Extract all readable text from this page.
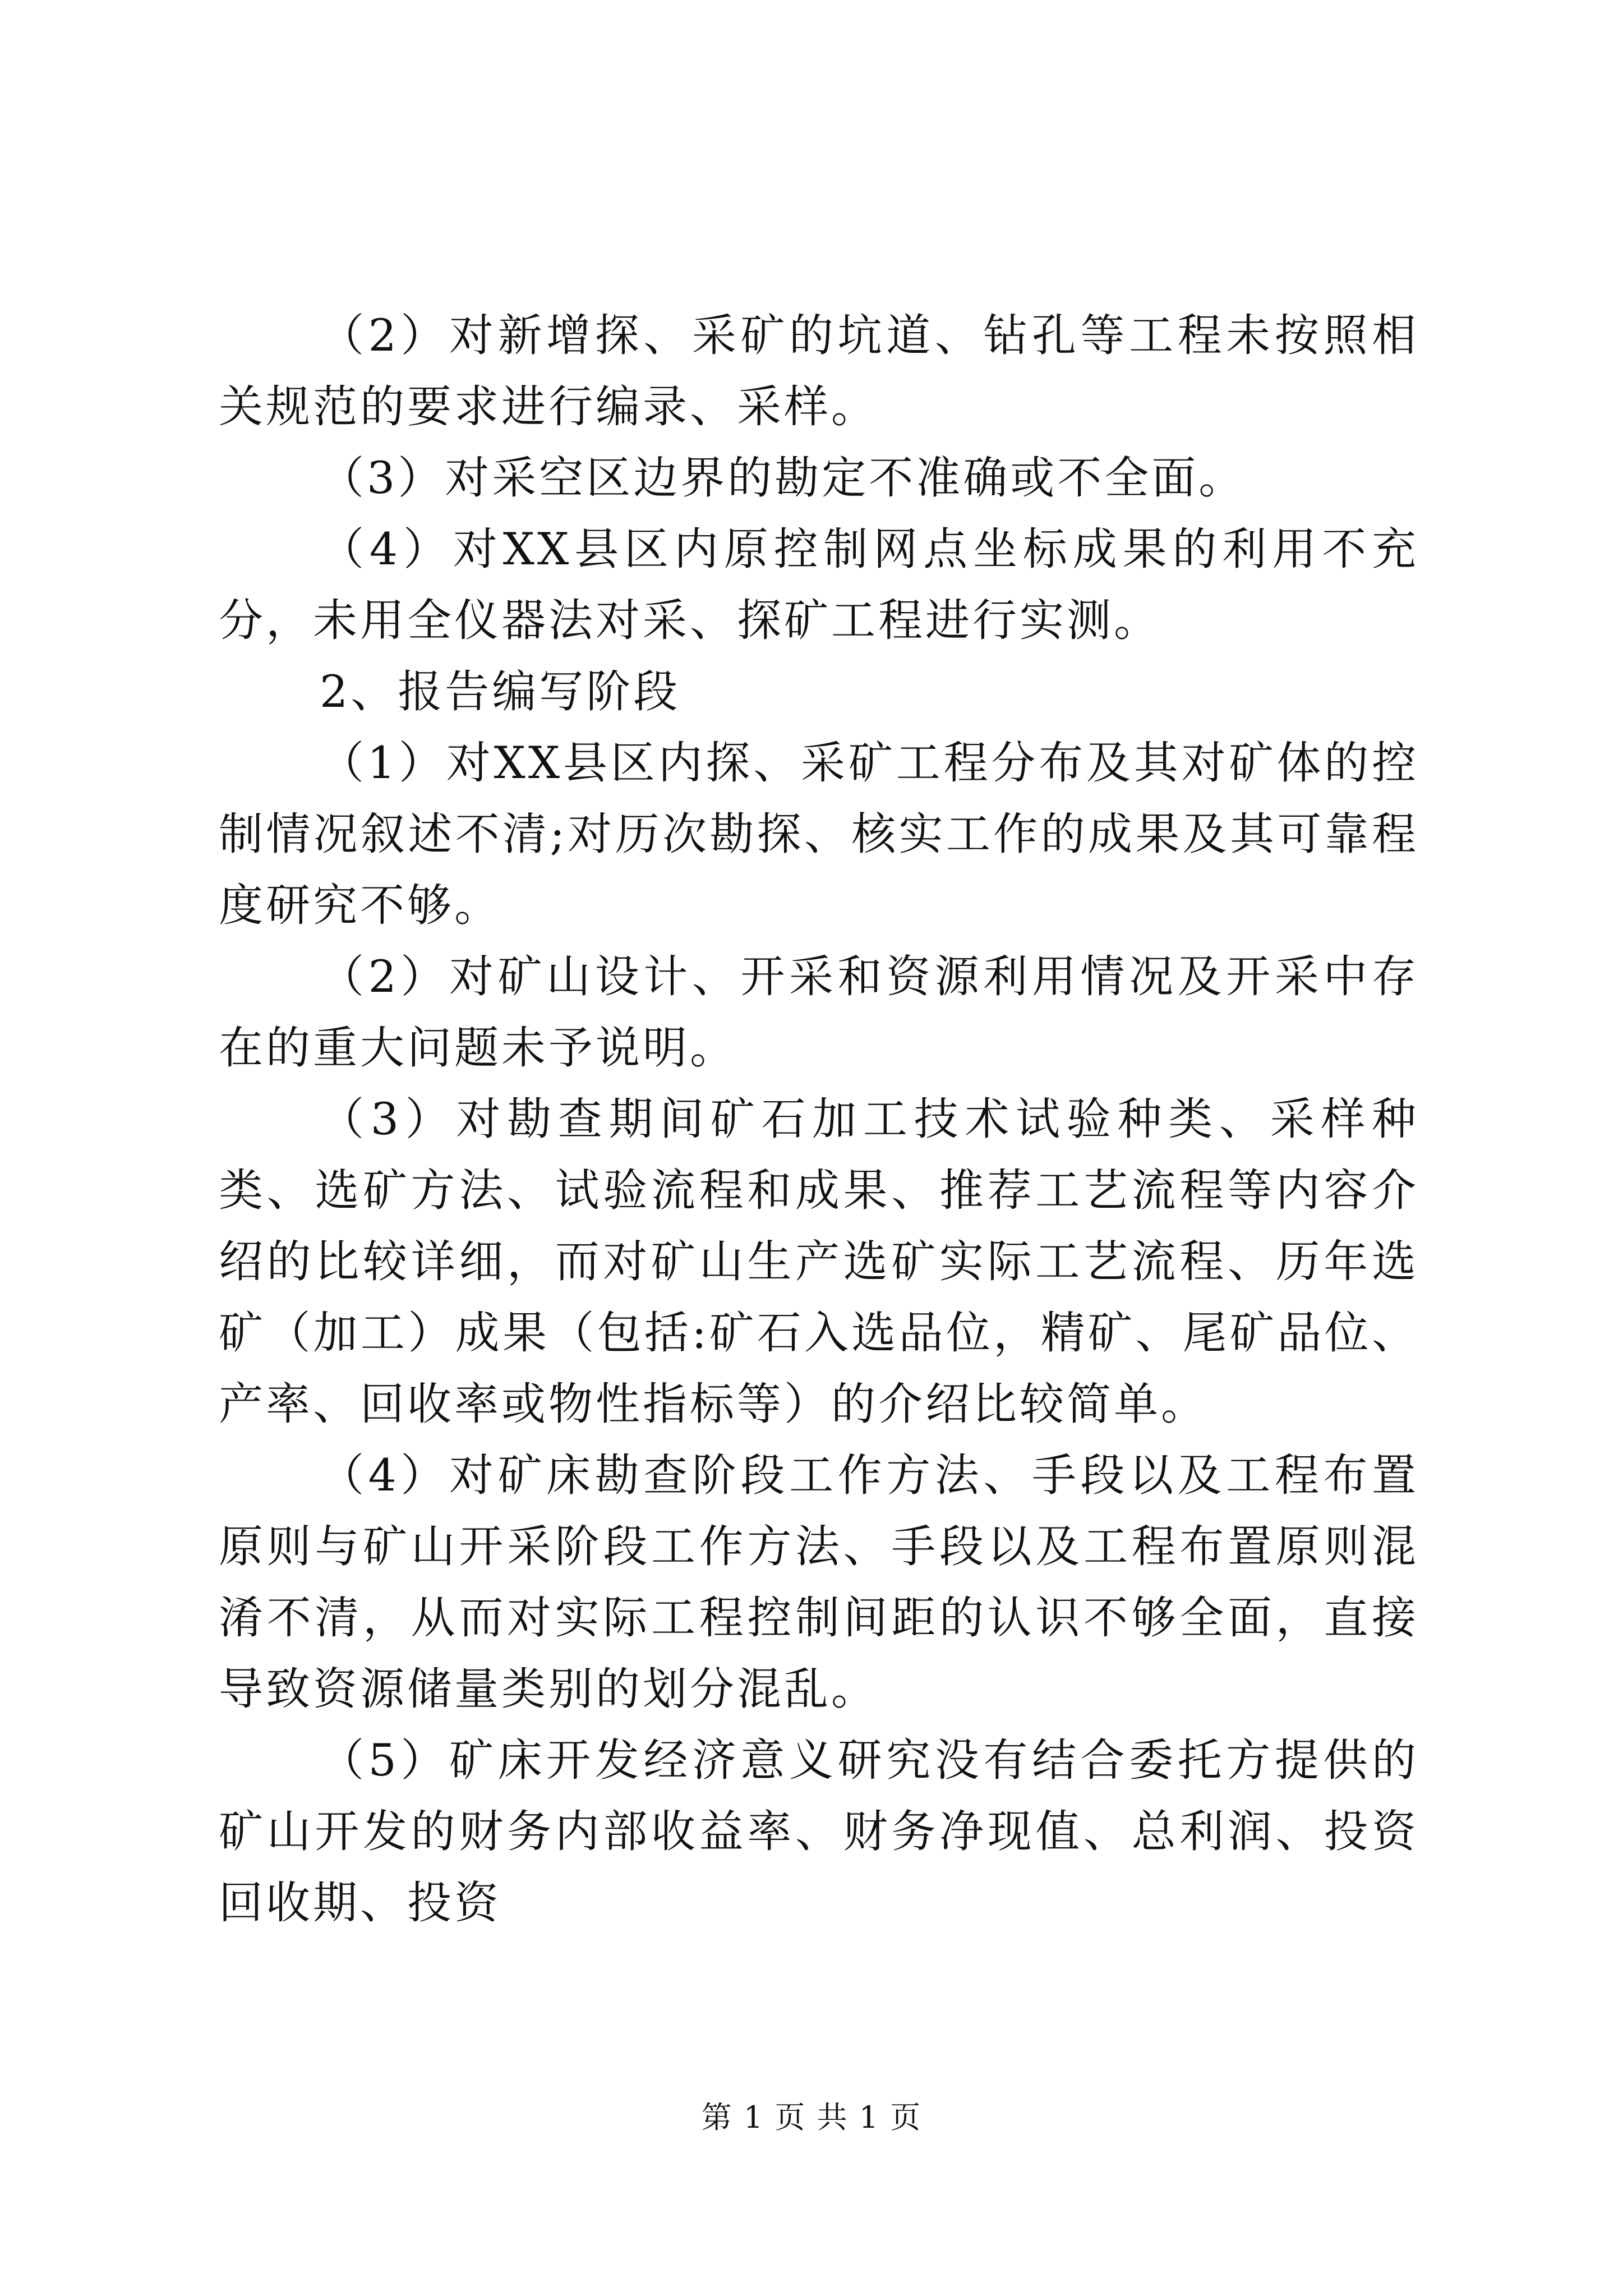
（2）对新增探、采矿的坑道、钻孔等工程未按照相关规范的要求进行编录、采样。

（3）对采空区边界的勘定不准确或不全面。

（4）对XX县区内原控制网点坐标成果的利用不充分，未用全仪器法对采、探矿工程进行实测。

2、报告编写阶段

（1）对XX县区内探、采矿工程分布及其对矿体的控制情况叙述不清;对历次勘探、核实工作的成果及其可靠程度研究不够。

（2）对矿山设计、开采和资源利用情况及开采中存在的重大问题未予说明。

（3）对勘查期间矿石加工技术试验种类、采样种类、选矿方法、试验流程和成果、推荐工艺流程等内容介绍的比较详细，而对矿山生产选矿实际工艺流程、历年选矿（加工）成果（包括:矿石入选品位，精矿、尾矿品位、产率、回收率或物性指标等）的介绍比较简单。

（4）对矿床勘查阶段工作方法、手段以及工程布置原则与矿山开采阶段工作方法、手段以及工程布置原则混淆不清，从而对实际工程控制间距的认识不够全面，直接导致资源储量类别的划分混乱。

（5）矿床开发经济意义研究没有结合委托方提供的矿山开发的财务内部收益率、财务净现值、总利润、投资回收期、投资

第 1 页 共 1 页
